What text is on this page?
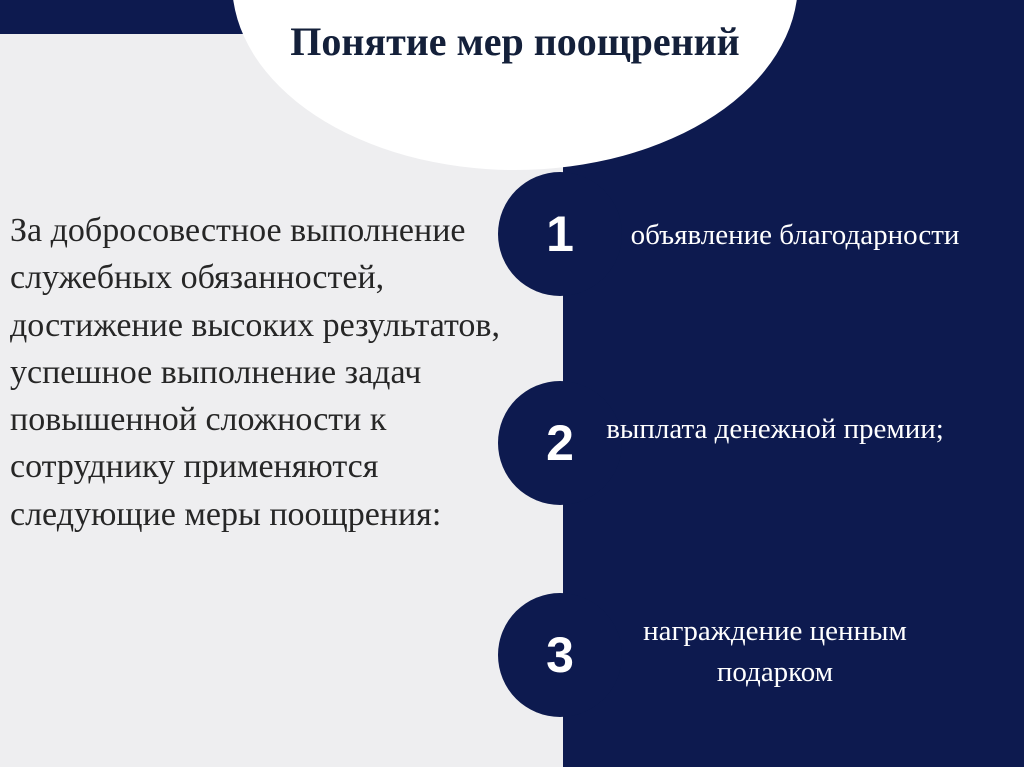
Понятие мер поощрений

За добросовестное выполнение служебных обязанностей, достижение высоких результатов, успешное выполнение задач повышенной сложности к сотруднику применяются следующие меры поощрения:

1	объявление благодарности
2	выплата денежной премии;
3	награждение ценным подарком
